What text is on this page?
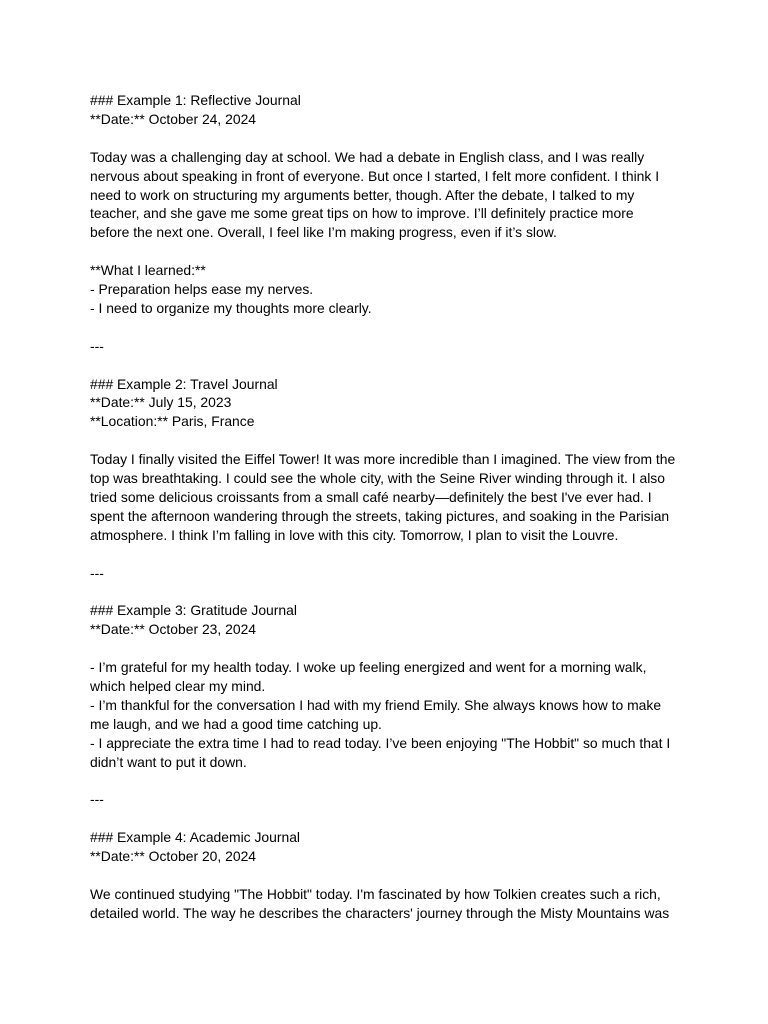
### Example 1: Reflective Journal
**Date:** October 24, 2024
Today was a challenging day at school. We had a debate in English class, and I was really nervous about speaking in front of everyone. But once I started, I felt more confident. I think I need to work on structuring my arguments better, though. After the debate, I talked to my teacher, and she gave me some great tips on how to improve. I’ll definitely practice more before the next one. Overall, I feel like I’m making progress, even if it’s slow.
**What I learned:**
- Preparation helps ease my nerves.
- I need to organize my thoughts more clearly.
---
### Example 2: Travel Journal
**Date:** July 15, 2023
**Location:** Paris, France
Today I finally visited the Eiffel Tower! It was more incredible than I imagined. The view from the top was breathtaking. I could see the whole city, with the Seine River winding through it. I also tried some delicious croissants from a small café nearby—definitely the best I've ever had. I spent the afternoon wandering through the streets, taking pictures, and soaking in the Parisian atmosphere. I think I’m falling in love with this city. Tomorrow, I plan to visit the Louvre.
---
### Example 3: Gratitude Journal
**Date:** October 23, 2024
- I’m grateful for my health today. I woke up feeling energized and went for a morning walk, which helped clear my mind.
- I’m thankful for the conversation I had with my friend Emily. She always knows how to make me laugh, and we had a good time catching up.
- I appreciate the extra time I had to read today. I’ve been enjoying "The Hobbit" so much that I didn’t want to put it down.
---
### Example 4: Academic Journal
**Date:** October 20, 2024
We continued studying "The Hobbit" today. I'm fascinated by how Tolkien creates such a rich, detailed world. The way he describes the characters' journey through the Misty Mountains was
